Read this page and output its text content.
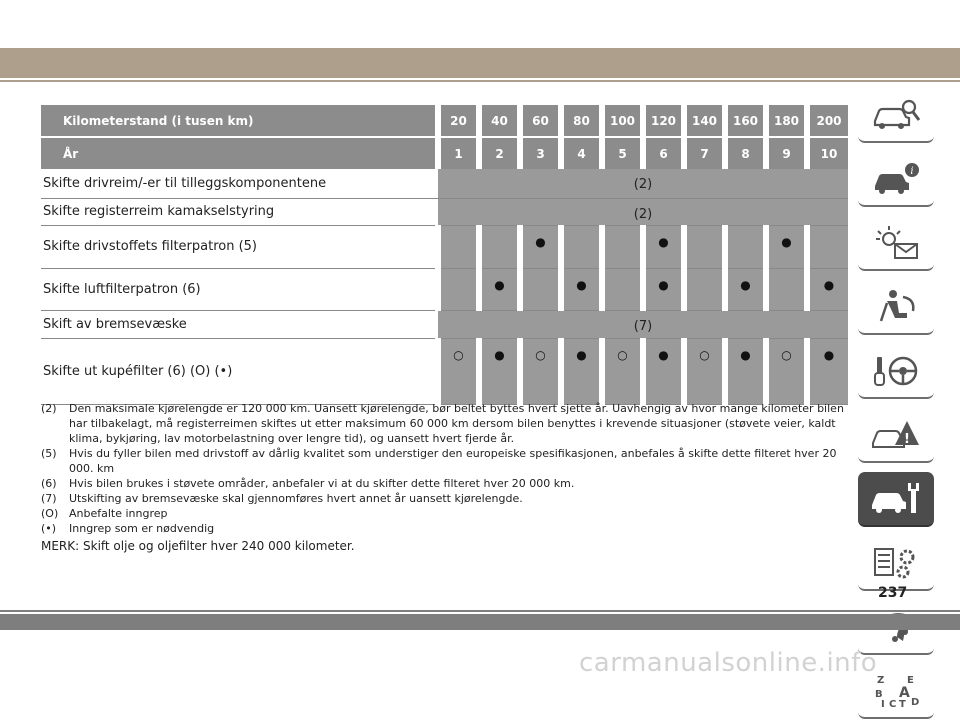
Kilometerstand (i tusen km)	20	40	60	80	100	120	140	160	180	200
År	1	2	3	4	5	6	7	8	9	10
Skifte drivreim/-er til tilleggskomponentene	(2)									
Skifte registerreim kamakselstyring	(2)									
Skifte drivstoffets filterpatron (5)			●			●			●	
Skifte luftfilterpatron (6)		●		●		●		●		●
Skift av bremsevæske	(7)									
Skifte ut kupéfilter (6) (O) (•)	○	●	○	●	○	●	○	●	○	●
(2)	Den maksimale kjørelengde er 120 000 km. Uansett kjørelengde, bør beltet byttes hvert sjette år. Uavhengig av hvor mange kilometer bilen har tilbakelagt, må registerreimen skiftes ut etter maksimum 60 000 km dersom bilen benyttes i krevende situasjoner (støvete veier, kaldt klima, bykjøring, lav motorbelastning over lengre tid), og uansett hvert fjerde år.
(5)	Hvis du fyller bilen med drivstoff av dårlig kvalitet som understiger den europeiske spesifikasjonen, anbefales å skifte dette filteret hver 20 000. km
(6)	Hvis bilen brukes i støvete områder, anbefaler vi at du skifter dette filteret hver 20 000 km.
(7)	Utskifting av bremsevæske skal gjennomføres hvert annet år uansett kjørelengde.
(O) Anbefalte inngrep
(•)	Inngrep som er nødvendig
MERK: Skift olje og oljefilter hver 240 000 kilometer.
i
!
Z E
B A
I C T D
237
carmanualsonline.info
